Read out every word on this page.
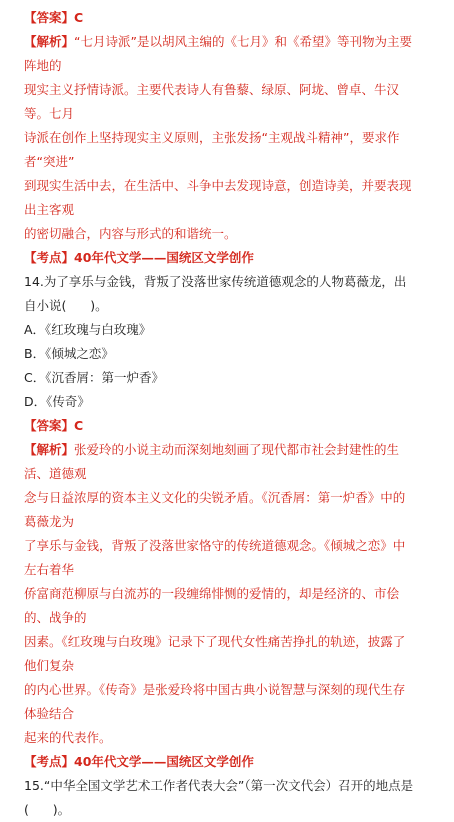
【答案】C
【解析】“七月诗派”是以胡风主编的《七月》和《希望》等刊物为主要阵地的
现实主义抒情诗派。主要代表诗人有鲁藜、绿原、阿垅、曾卓、牛汉等。七月
诗派在创作上坚持现实主义原则，主张发扬“主观战斗精神”，要求作者“突进”
到现实生活中去，在生活中、斗争中去发现诗意，创造诗美，并要表现出主客观
的密切融合，内容与形式的和谐统一。
【考点】40年代文学——国统区文学创作
14.为了享乐与金钱，背叛了没落世家传统道德观念的人物葛薇龙，出自小说(      )。
A．《红玫瑰与白玫瑰》
B．《倾城之恋》
C．《沉香屑：第一炉香》
D．《传奇》
【答案】C
【解析】张爱玲的小说主动而深刻地刻画了现代都市社会封建性的生活、道德观
念与日益浓厚的资本主义文化的尖锐矛盾。《沉香屑：第一炉香》中的葛薇龙为
了享乐与金钱，背叛了没落世家恪守的传统道德观念。《倾城之恋》中左右着华
侨富商范柳原与白流苏的一段缠绵悱恻的爱情的，却是经济的、市侩的、战争的
因素。《红玫瑰与白玫瑰》记录下了现代女性痛苦挣扎的轨迹，披露了他们复杂
的内心世界。《传奇》是张爱玲将中国古典小说智慧与深刻的现代生存体验结合
起来的代表作。
【考点】40年代文学——国统区文学创作
15.“中华全国文学艺术工作者代表大会”（第一次文代会）召开的地点是(      )。
